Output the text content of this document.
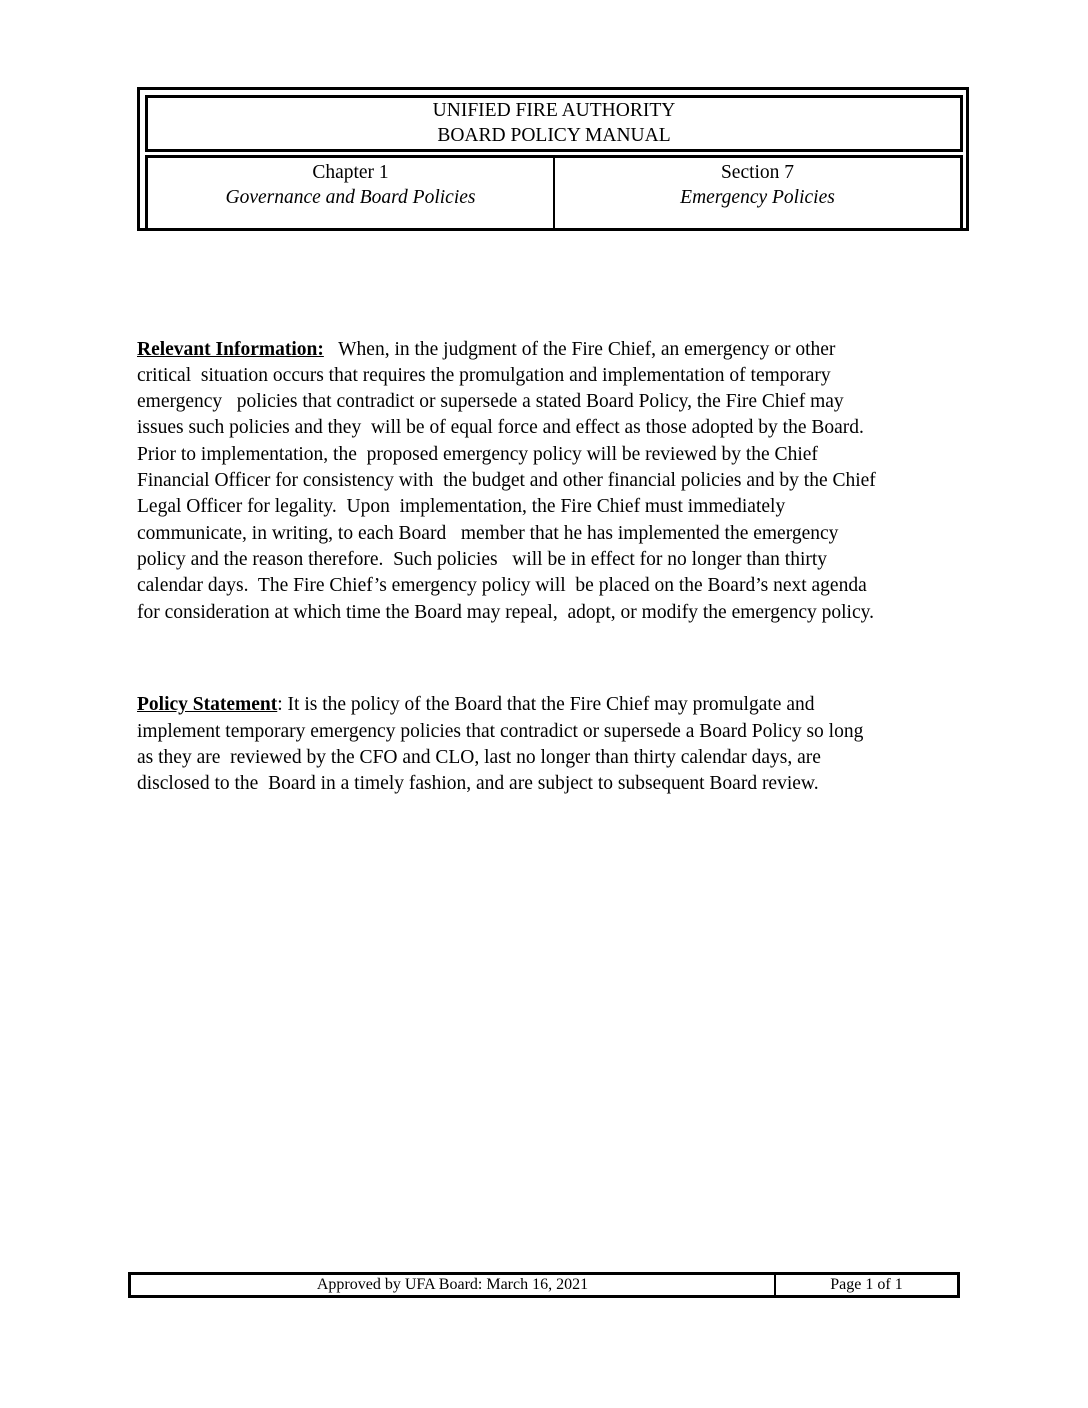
UNIFIED FIRE AUTHORITY
BOARD POLICY MANUAL
Chapter 1
Governance and Board Policies
Section 7
Emergency Policies

Relevant Information:   When, in the judgment of the Fire Chief, an emergency or other
critical  situation occurs that requires the promulgation and implementation of temporary
emergency   policies that contradict or supersede a stated Board Policy, the Fire Chief may
issues such policies and they  will be of equal force and effect as those adopted by the Board.
Prior to implementation, the  proposed emergency policy will be reviewed by the Chief
Financial Officer for consistency with  the budget and other financial policies and by the Chief
Legal Officer for legality.  Upon  implementation, the Fire Chief must immediately
communicate, in writing, to each Board   member that he has implemented the emergency
policy and the reason therefore.  Such policies   will be in effect for no longer than thirty
calendar days.  The Fire Chief’s emergency policy will  be placed on the Board’s next agenda
for consideration at which time the Board may repeal,  adopt, or modify the emergency policy.

Policy Statement: It is the policy of the Board that the Fire Chief may promulgate and
implement temporary emergency policies that contradict or supersede a Board Policy so long
as they are  reviewed by the CFO and CLO, last no longer than thirty calendar days, are
disclosed to the  Board in a timely fashion, and are subject to subsequent Board review.

Approved by UFA Board: March 16, 2021	Page 1 of 1
